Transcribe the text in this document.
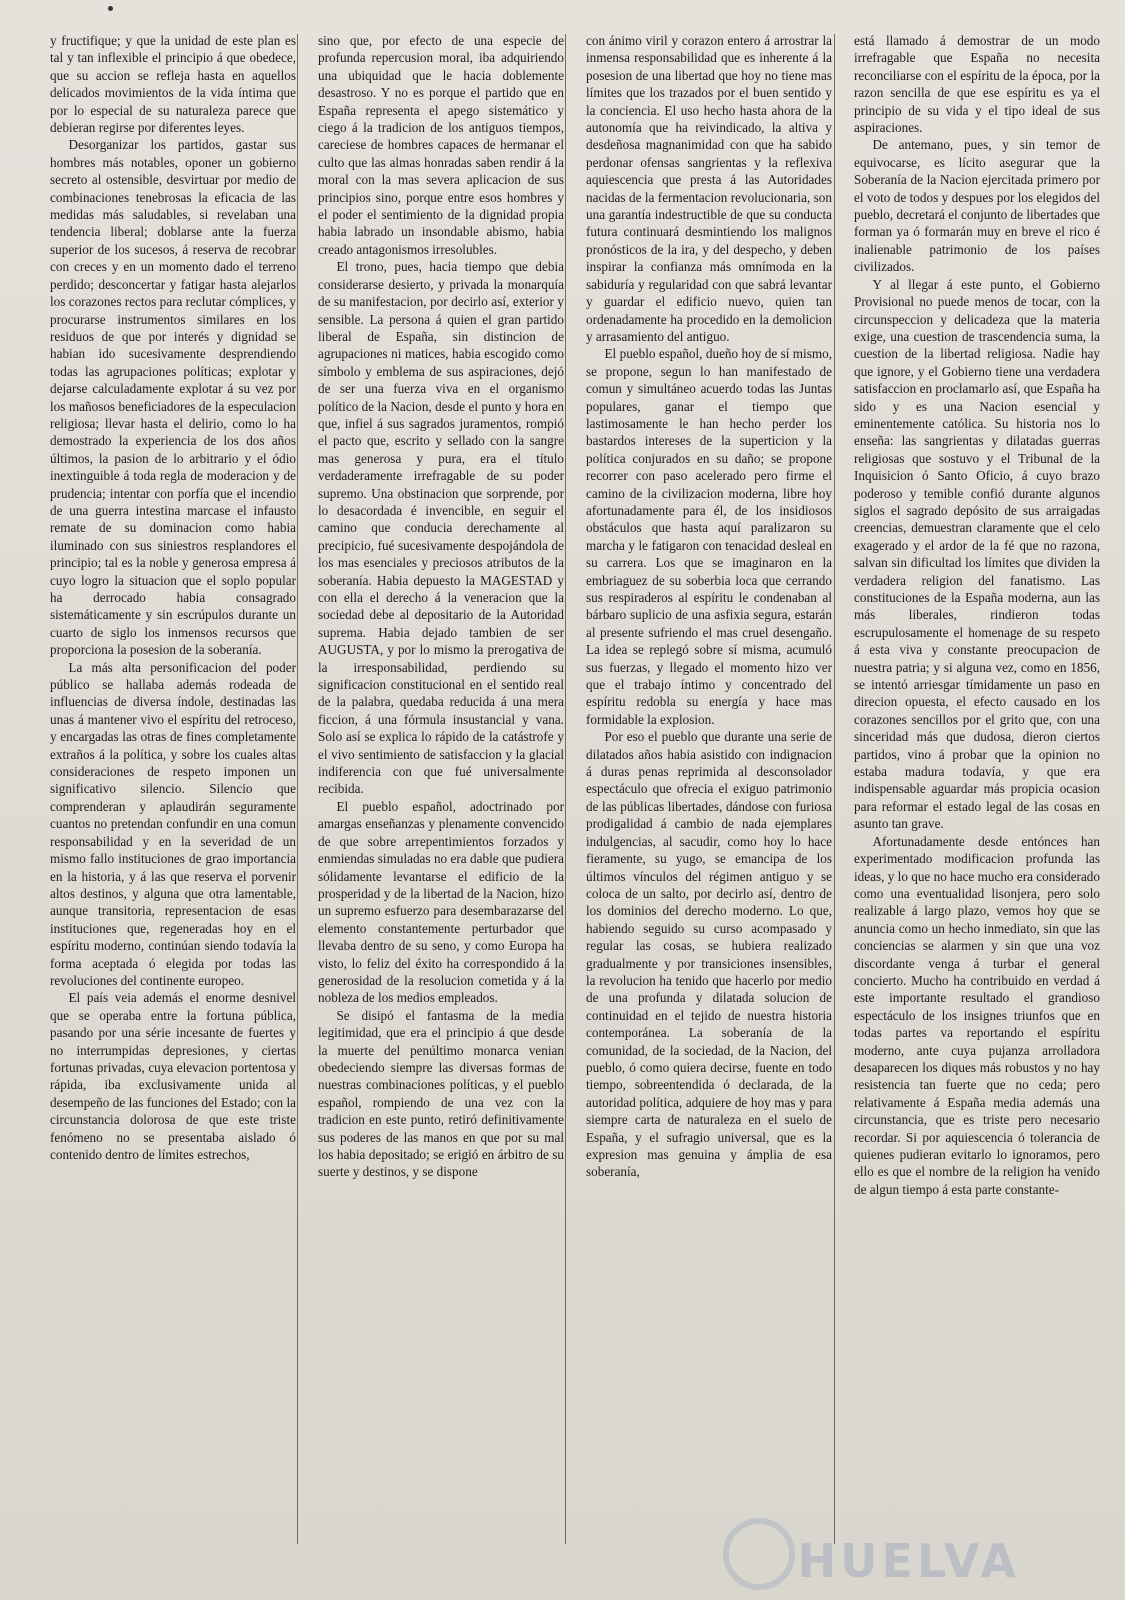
y fructifique; y que la unidad de este plan es tal y tan inflexible el principio á que obedece, que su accion se refleja hasta en aquellos delicados movimientos de la vida íntima que por lo especial de su naturaleza parece que debieran regirse por diferentes leyes.

Desorganizar los partidos, gastar sus hombres más notables, oponer un gobierno secreto al ostensible, desvirtuar por medio de combinaciones tenebrosas la eficacia de las medidas más saludables, si revelaban una tendencia liberal; doblarse ante la fuerza superior de los sucesos, á reserva de recobrar con creces y en un momento dado el terreno perdido; desconcertar y fatigar hasta alejarlos los corazones rectos para reclutar cómplices, y procurarse instrumentos similares en los residuos de que por interés y dignidad se habian ido sucesivamente desprendiendo todas las agrupaciones políticas; explotar y dejarse calculadamente explotar á su vez por los mañosos beneficiadores de la especulacion religiosa; llevar hasta el delirio, como lo ha demostrado la experiencia de los dos años últimos, la pasion de lo arbitrario y el ódio inextinguible á toda regla de moderacion y de prudencia; intentar con porfía que el incendio de una guerra intestina marcase el infausto remate de su dominacion como habia iluminado con sus siniestros resplandores el principio; tal es la noble y generosa empresa á cuyo logro la situacion que el soplo popular ha derrocado habia consagrado sistemáticamente y sin escrúpulos durante un cuarto de siglo los inmensos recursos que proporciona la posesion de la soberanía.

La más alta personificacion del poder público se hallaba además rodeada de influencias de diversa índole, destinadas las unas á mantener vivo el espíritu del retroceso, y encargadas las otras de fines completamente extraños á la política, y sobre los cuales altas consideraciones de respeto imponen un significativo silencio. Silencio que comprenderan y aplaudirán seguramente cuantos no pretendan confundir en una comun responsabilidad y en la severidad de un mismo fallo instituciones de grao importancia en la historia, y á las que reserva el porvenir altos destinos, y alguna que otra lamentable, aunque transitoria, representacion de esas instituciones que, regeneradas hoy en el espíritu moderno, continúan siendo todavía la forma aceptada ó elegida por todas las revoluciones del continente europeo.

El país veia además el enorme desnivel que se operaba entre la fortuna pública, pasando por una série incesante de fuertes y no interrumpidas depresiones, y ciertas fortunas privadas, cuya elevacion portentosa y rápida, iba exclusivamente unida al desempeño de las funciones del Estado; con la circunstancia dolorosa de que este triste fenómeno no se presentaba aislado ó contenido dentro de límites estrechos,

sino que, por efecto de una especie de profunda repercusion moral, iba adquiriendo una ubiquidad que le hacia doblemente desastroso. Y no es porque el partido que en España representa el apego sistemático y ciego á la tradicion de los antiguos tiempos, careciese de hombres capaces de hermanar el culto que las almas honradas saben rendir á la moral con la mas severa aplicacion de sus principios sino, porque entre esos hombres y el poder el sentimiento de la dignidad propia habia labrado un insondable abismo, habia creado antagonismos irresolubles.

El trono, pues, hacia tiempo que debia considerarse desierto, y privada la monarquía de su manifestacion, por decirlo así, exterior y sensible. La persona á quien el gran partido liberal de España, sin distincion de agrupaciones ni matices, habia escogido como símbolo y emblema de sus aspiraciones, dejó de ser una fuerza viva en el organismo político de la Nacion, desde el punto y hora en que, infiel á sus sagrados juramentos, rompió el pacto que, escrito y sellado con la sangre mas generosa y pura, era el título verdaderamente irrefragable de su poder supremo. Una obstinacion que sorprende, por lo desacordada é invencible, en seguir el camino que conducia derechamente al precipicio, fué sucesivamente despojándola de los mas esenciales y preciosos atributos de la soberanía. Habia depuesto la MAGESTAD y con ella el derecho á la veneracion que la sociedad debe al depositario de la Autoridad suprema. Habia dejado tambien de ser AUGUSTA, y por lo mismo la prerogativa de la irresponsabilidad, perdiendo su significacion constitucional en el sentido real de la palabra, quedaba reducida á una mera ficcion, á una fórmula insustancial y vana. Solo así se explica lo rápido de la catástrofe y el vivo sentimiento de satisfaccion y la glacial indiferencia con que fué universalmente recibida.

El pueblo español, adoctrinado por amargas enseñanzas y plenamente convencido de que sobre arrepentimientos forzados y enmiendas simuladas no era dable que pudiera sólidamente levantarse el edificio de la prosperidad y de la libertad de la Nacion, hizo un supremo esfuerzo para desembarazarse del elemento constantemente perturbador que llevaba dentro de su seno, y como Europa ha visto, lo feliz del éxito ha correspondido á la generosidad de la resolucion cometida y á la nobleza de los medios empleados.

Se disipó el fantasma de la media legitimidad, que era el principio á que desde la muerte del penúltimo monarca venian obedeciendo siempre las diversas formas de nuestras combinaciones políticas, y el pueblo español, rompiendo de una vez con la tradicion en este punto, retiró definitivamente sus poderes de las manos en que por su mal los habia depositado; se erigió en árbitro de su suerte y destinos, y se dispone

con ánimo viril y corazon entero á arrostrar la inmensa responsabilidad que es inherente á la posesion de una libertad que hoy no tiene mas límites que los trazados por el buen sentido y la conciencia. El uso hecho hasta ahora de la autonomía que ha reivindicado, la altiva y desdeñosa magnanimidad con que ha sabido perdonar ofensas sangrientas y la reflexiva aquiescencia que presta á las Autoridades nacidas de la fermentacion revolucionaria, son una garantía indestructible de que su conducta futura continuará desmintiendo los malignos pronósticos de la ira, y del despecho, y deben inspirar la confianza más omnímoda en la sabiduría y regularidad con que sabrá levantar y guardar el edificio nuevo, quien tan ordenadamente ha procedido en la demolicion y arrasamiento del antiguo.

El pueblo español, dueño hoy de sí mismo, se propone, segun lo han manifestado de comun y simultáneo acuerdo todas las Juntas populares, ganar el tiempo que lastimosamente le han hecho perder los bastardos intereses de la superticion y la política conjurados en su daño; se propone recorrer con paso acelerado pero firme el camino de la civilizacion moderna, libre hoy afortunadamente para él, de los insidiosos obstáculos que hasta aquí paralizaron su marcha y le fatigaron con tenacidad desleal en su carrera. Los que se imaginaron en la embriaguez de su soberbia loca que cerrando sus respiraderos al espíritu le condenaban al bárbaro suplicio de una asfixia segura, estarán al presente sufriendo el mas cruel desengaño. La idea se replegó sobre sí misma, acumuló sus fuerzas, y llegado el momento hizo ver que el trabajo íntimo y concentrado del espíritu redobla su energía y hace mas formidable la explosion.

Por eso el pueblo que durante una serie de dilatados años habia asistido con indignacion á duras penas reprimida al desconsolador espectáculo que ofrecia el exiguo patrimonio de las públicas libertades, dándose con furiosa prodigalidad á cambio de nada ejemplares indulgencias, al sacudir, como hoy lo hace fieramente, su yugo, se emancipa de los últimos vínculos del régimen antiguo y se coloca de un salto, por decirlo así, dentro de los dominios del derecho moderno. Lo que, habiendo seguido su curso acompasado y regular las cosas, se hubiera realizado gradualmente y por transiciones insensibles, la revolucion ha tenido que hacerlo por medio de una profunda y dilatada solucion de continuidad en el tejido de nuestra historia contemporánea. La soberanía de la comunidad, de la sociedad, de la Nacion, del pueblo, ó como quiera decirse, fuente en todo tiempo, sobreentendida ó declarada, de la autoridad política, adquiere de hoy mas y para siempre carta de naturaleza en el suelo de España, y el sufragio universal, que es la expresion mas genuina y ámplia de esa soberanía,

está llamado á demostrar de un modo irrefragable que España no necesita reconciliarse con el espíritu de la época, por la razon sencilla de que ese espíritu es ya el principio de su vida y el tipo ideal de sus aspiraciones.

De antemano, pues, y sin temor de equivocarse, es lícito asegurar que la Soberanía de la Nacion ejercitada primero por el voto de todos y despues por los elegidos del pueblo, decretará el conjunto de libertades que forman ya ó formarán muy en breve el rico é inalienable patrimonio de los países civilizados.

Y al llegar á este punto, el Gobierno Provisional no puede menos de tocar, con la circunspeccion y delicadeza que la materia exige, una cuestion de trascendencia suma, la cuestion de la libertad religiosa. Nadie hay que ignore, y el Gobierno tiene una verdadera satisfaccion en proclamarlo así, que España ha sido y es una Nacion esencial y eminentemente católica. Su historia nos lo enseña: las sangrientas y dilatadas guerras religiosas que sostuvo y el Tribunal de la Inquisicion ó Santo Oficio, á cuyo brazo poderoso y temible confió durante algunos siglos el sagrado depósito de sus arraigadas creencias, demuestran claramente que el celo exagerado y el ardor de la fé que no razona, salvan sin dificultad los límites que dividen la verdadera religion del fanatismo. Las constituciones de la España moderna, aun las más liberales, rindieron todas escrupulosamente el homenage de su respeto á esta viva y constante preocupacion de nuestra patria; y si alguna vez, como en 1856, se intentó arriesgar tímidamente un paso en direcion opuesta, el efecto causado en los corazones sencillos por el grito que, con una sinceridad más que dudosa, dieron ciertos partidos, vino á probar que la opinion no estaba madura todavía, y que era indispensable aguardar más propicia ocasion para reformar el estado legal de las cosas en asunto tan grave.

Afortunadamente desde entónces han experimentado modificacion profunda las ideas, y lo que no hace mucho era considerado como una eventualidad lisonjera, pero solo realizable á largo plazo, vemos hoy que se anuncia como un hecho inmediato, sin que las conciencias se alarmen y sin que una voz discordante venga á turbar el general concierto. Mucho ha contribuido en verdad á este importante resultado el grandioso espectáculo de los insignes triunfos que en todas partes va reportando el espíritu moderno, ante cuya pujanza arrolladora desaparecen los diques más robustos y no hay resistencia tan fuerte que no ceda; pero relativamente á España media además una circunstancia, que es triste pero necesario recordar. Si por aquiescencia ó tolerancia de quienes pudieran evitarlo lo ignoramos, pero ello es que el nombre de la religion ha venido de algun tiempo á esta parte constante-

HUELVA
